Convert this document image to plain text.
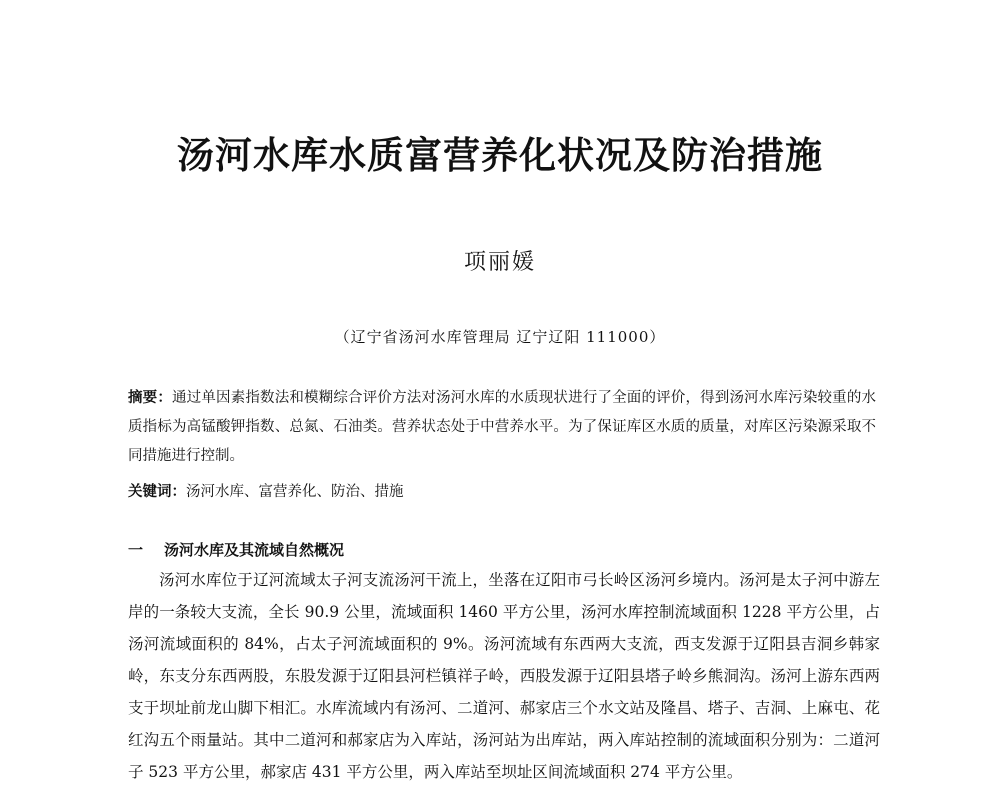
汤河水库水质富营养化状况及防治措施
项丽媛
（辽宁省汤河水库管理局 辽宁辽阳 111000）
摘要：通过单因素指数法和模糊综合评价方法对汤河水库的水质现状进行了全面的评价，得到汤河水库污染较重的水质指标为高锰酸钾指数、总氮、石油类。营养状态处于中营养水平。为了保证库区水质的质量，对库区污染源采取不同措施进行控制。
关键词：汤河水库、富营养化、防治、措施
一 汤河水库及其流域自然概况

汤河水库位于辽河流域太子河支流汤河干流上，坐落在辽阳市弓长岭区汤河乡境内。汤河是太子河中游左岸的一条较大支流，全长 90.9 公里，流域面积 1460 平方公里，汤河水库控制流域面积 1228 平方公里，占汤河流域面积的 84%，占太子河流域面积的 9%。汤河流域有东西两大支流，西支发源于辽阳县吉洞乡韩家岭，东支分东西两股，东股发源于辽阳县河栏镇祥子岭，西股发源于辽阳县塔子岭乡熊洞沟。汤河上游东西两支于坝址前龙山脚下相汇。水库流域内有汤河、二道河、郝家店三个水文站及隆昌、塔子、吉洞、上麻屯、花红沟五个雨量站。其中二道河和郝家店为入库站，汤河站为出库站，两入库站控制的流域面积分别为：二道河子 523 平方公里，郝家店 431 平方公里，两入库站至坝址区间流域面积 274 平方公里。
